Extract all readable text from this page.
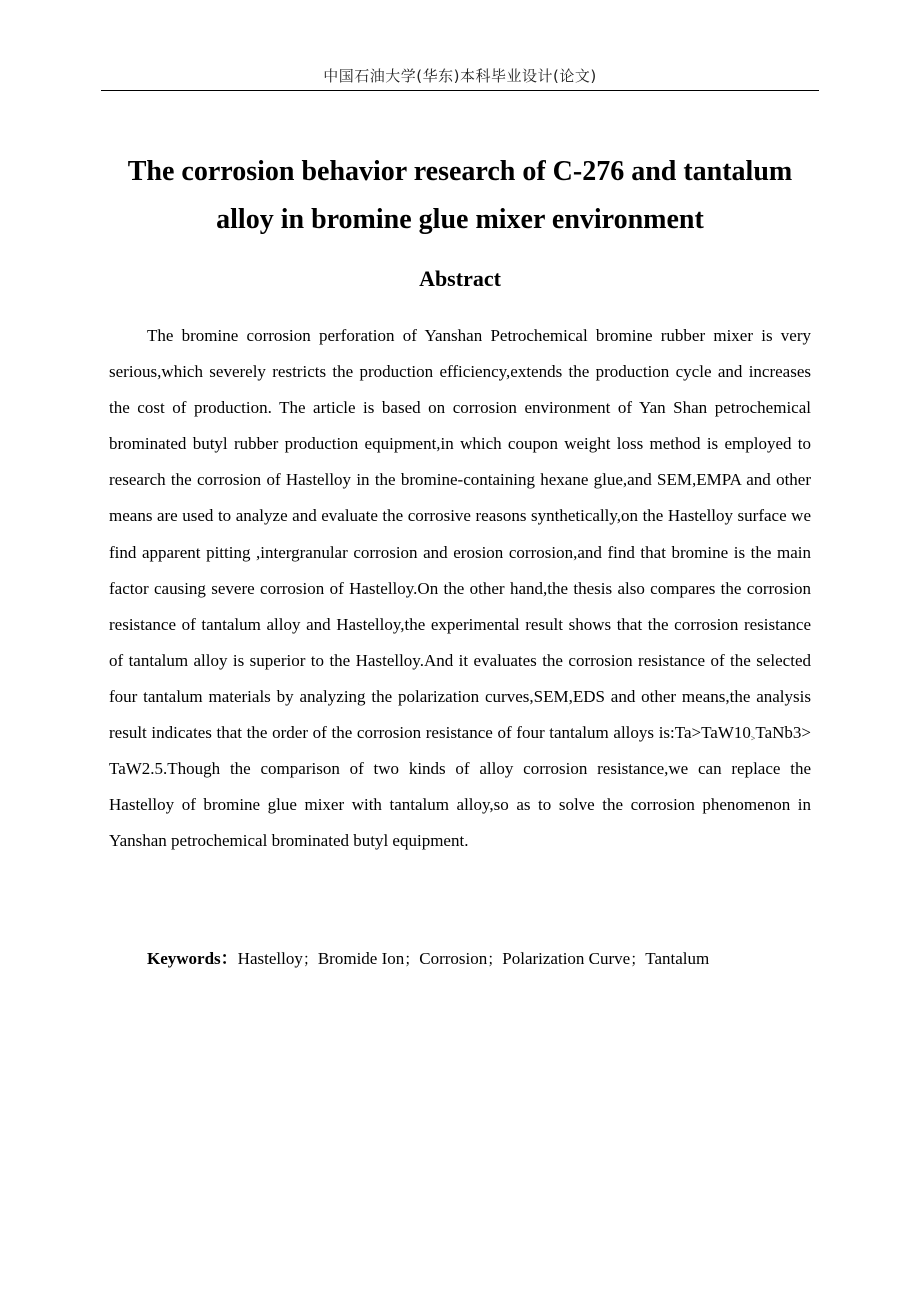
中国石油大学(华东)本科毕业设计(论文)
The corrosion behavior research of C-276 and tantalum
alloy in bromine glue mixer environment
Abstract

The bromine corrosion perforation of Yanshan Petrochemical bromine rubber mixer is very serious,which severely restricts the production efficiency,extends the production cycle and increases the cost of production. The article is based on corrosion environment of Yan Shan petrochemical brominated butyl rubber production equipment,in which coupon weight loss method is employed to research the corrosion of Hastelloy in the bromine-containing hexane glue,and SEM,EMPA and other means are used to analyze and evaluate the corrosive reasons synthetically,on the Hastelloy surface we find apparent pitting ,intergranular corrosion and erosion corrosion,and find that bromine is the main factor causing severe corrosion of Hastelloy.On the other hand,the thesis also compares the corrosion resistance of tantalum alloy and Hastelloy,the experimental result shows that the corrosion resistance of tantalum alloy is superior to the Hastelloy.And it evaluates the corrosion resistance of the selected four tantalum materials by analyzing the polarization curves,SEM,EDS and other means,the analysis result indicates that the order of the corrosion resistance of four tantalum alloys $is:Ta>TaW10_>TaNb3>$ TaW2.5.Though the comparison of two kinds of alloy corrosion resistance,we can replace the Hastelloy of bromine glue mixer with tantalum alloy,so as to solve the corrosion phenomenon in Yanshan petrochemical brominated butyl equipment.

Keywords：Hastelloy；Bromide Ion；Corrosion；Polarization Curve；Tantalum
